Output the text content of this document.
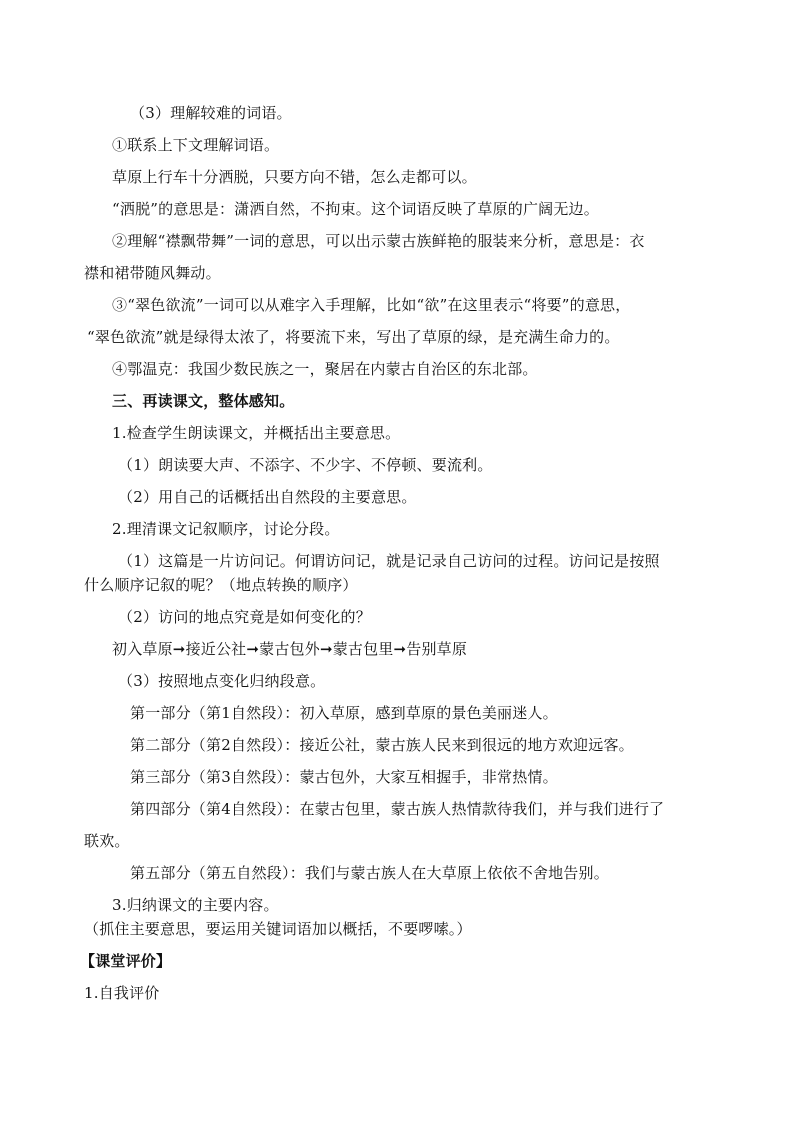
（3）理解较难的词语。
①联系上下文理解词语。
草原上行车十分洒脱，只要方向不错，怎么走都可以。
“洒脱”的意思是：潇洒自然，不拘束。这个词语反映了草原的广阔无边。
②理解“襟飘带舞”一词的意思，可以出示蒙古族鲜艳的服装来分析，意思是：衣
襟和裙带随风舞动。
③“翠色欲流”一词可以从难字入手理解，比如“欲”在这里表示“将要”的意思，
“翠色欲流”就是绿得太浓了，将要流下来，写出了草原的绿，是充满生命力的。
④鄂温克：我国少数民族之一，聚居在内蒙古自治区的东北部。
三、再读课文，整体感知。
1.检查学生朗读课文，并概括出主要意思。
（1）朗读要大声、不添字、不少字、不停顿、要流利。
（2）用自己的话概括出自然段的主要意思。
2.理清课文记叙顺序，讨论分段。
（1）这篇是一片访问记。何谓访问记，就是记录自己访问的过程。访问记是按照
什么顺序记叙的呢？（地点转换的顺序）
（2）访问的地点究竟是如何变化的？
初入草原➞接近公社➞蒙古包外➞蒙古包里➞告别草原
（3）按照地点变化归纳段意。
第一部分（第1自然段）：初入草原，感到草原的景色美丽迷人。
第二部分（第2自然段）：接近公社，蒙古族人民来到很远的地方欢迎远客。
第三部分（第3自然段）：蒙古包外，大家互相握手，非常热情。
第四部分（第4自然段）：在蒙古包里，蒙古族人热情款待我们，并与我们进行了
联欢。
第五部分（第五自然段）：我们与蒙古族人在大草原上依依不舍地告别。
3.归纳课文的主要内容。
（抓住主要意思，要运用关键词语加以概括，不要啰嗦。）
【课堂评价】
1.自我评价
